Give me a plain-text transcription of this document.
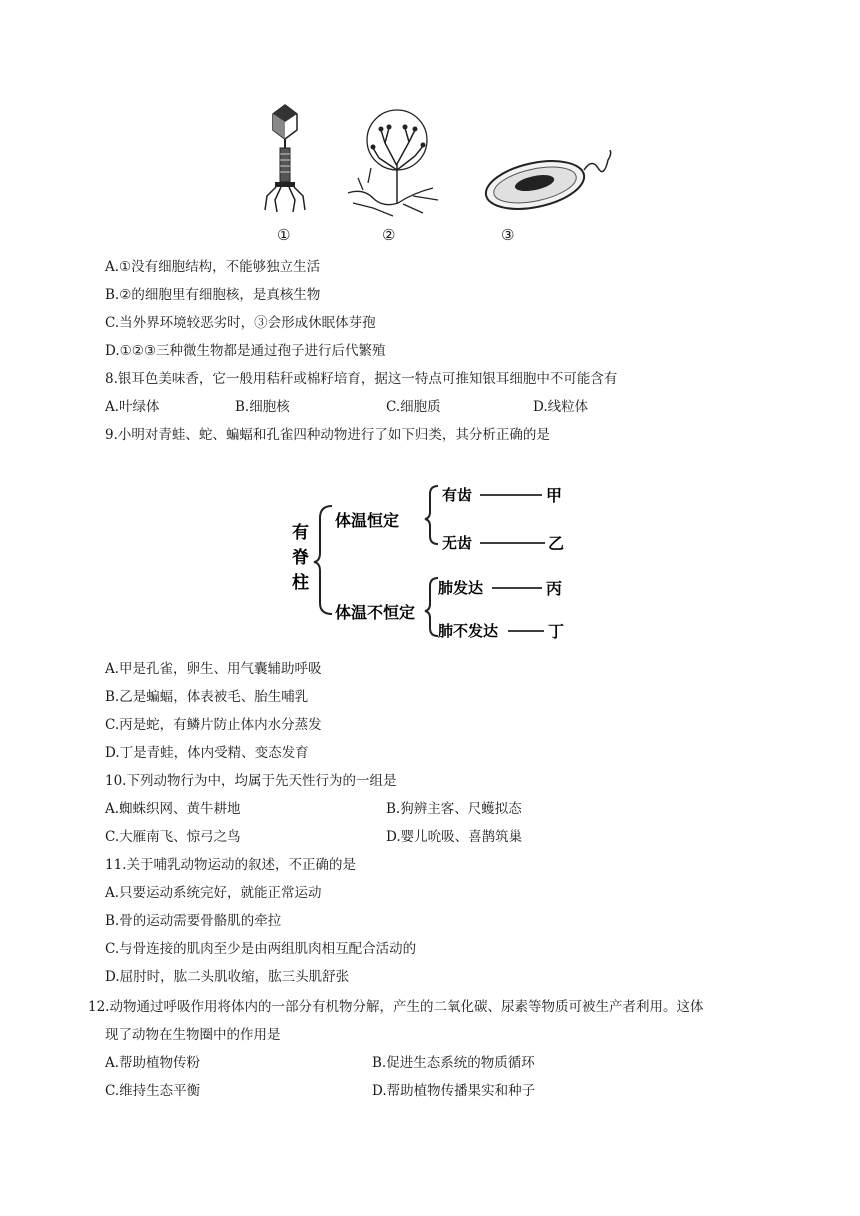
①	②	③
A.①没有细胞结构，不能够独立生活
B.②的细胞里有细胞核，是真核生物
C.当外界环境较恶劣时，③会形成休眠体芽孢
D.①②③三种微生物都是通过孢子进行后代繁殖
8.银耳色美味香，它一般用秸秆或棉籽培育，据这一特点可推知银耳细胞中不可能含有
A.叶绿体	B.细胞核	C.细胞质	D.线粒体
9.小明对青蛙、蛇、蝙蝠和孔雀四种动物进行了如下归类，其分析正确的是
有
脊
柱
体温恒定
体温不恒定
有齿
无齿
肺发达
肺不发达
甲
乙
丙
丁
A.甲是孔雀，卵生、用气囊辅助呼吸
B.乙是蝙蝠，体表被毛、胎生哺乳
C.丙是蛇，有鳞片防止体内水分蒸发
D.丁是青蛙，体内受精、变态发育
10.下列动物行为中，均属于先天性行为的一组是
A.蜘蛛织网、黄牛耕地	B.狗辨主客、尺蠖拟态
C.大雁南飞、惊弓之鸟	D.婴儿吮吸、喜鹊筑巢
11.关于哺乳动物运动的叙述，不正确的是
A.只要运动系统完好，就能正常运动
B.骨的运动需要骨骼肌的牵拉
C.与骨连接的肌肉至少是由两组肌肉相互配合活动的
D.屈肘时，肱二头肌收缩，肱三头肌舒张
12.动物通过呼吸作用将体内的一部分有机物分解，产生的二氧化碳、尿素等物质可被生产者利用。这体
现了动物在生物圈中的作用是
A.帮助植物传粉	B.促进生态系统的物质循环
C.维持生态平衡	D.帮助植物传播果实和种子
